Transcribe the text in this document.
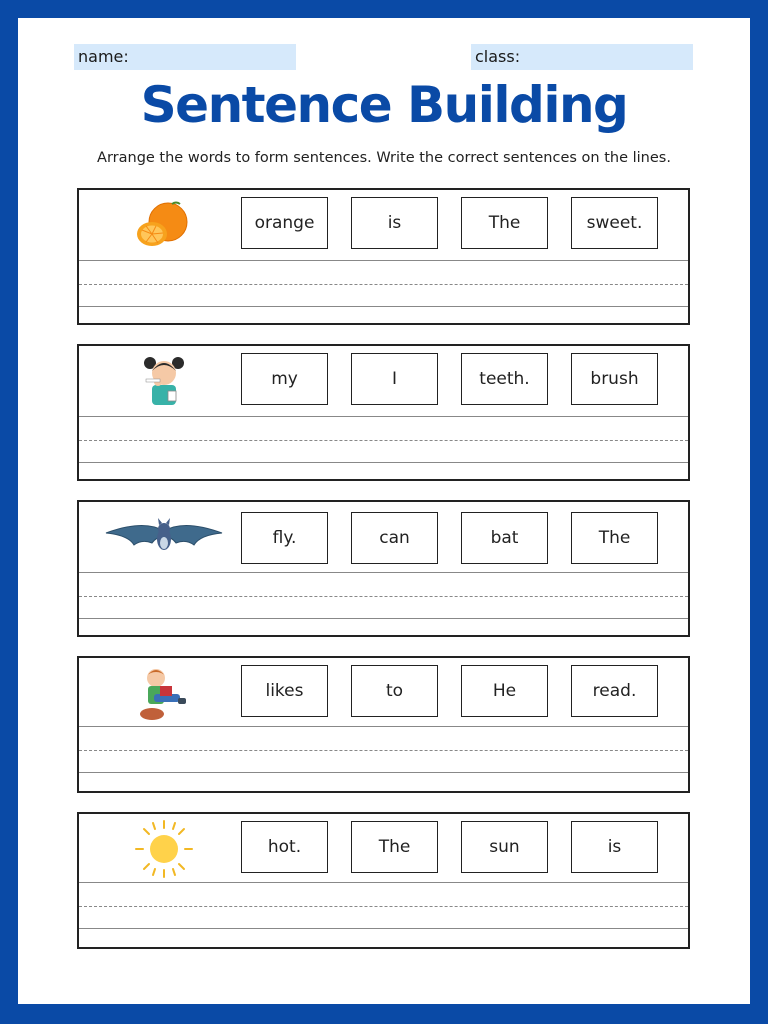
name:	class:
Sentence Building
Arrange the words to form sentences. Write the correct sentences on the lines.
orange	is	The	sweet.
my	I	teeth.	brush
fly.	can	bat	The
likes	to	He	read.
hot.	The	sun	is
